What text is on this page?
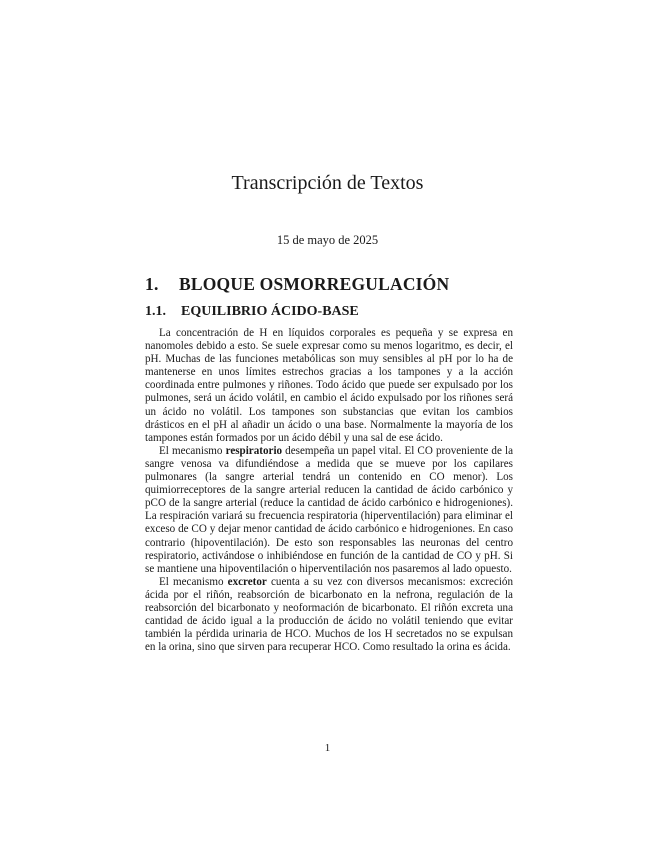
Transcripción de Textos
15 de mayo de 2025
1. BLOQUE OSMORREGULACIÓN
1.1. EQUILIBRIO ÁCIDO-BASE

La concentración de H en líquidos corporales es pequeña y se expresa en nanomoles debido a esto. Se suele expresar como su menos logaritmo, es decir, el pH. Muchas de las funciones metabólicas son muy sensibles al pH por lo ha de mantenerse en unos límites estrechos gracias a los tampones y a la acción coordinada entre pulmones y riñones. Todo ácido que puede ser expulsado por los pulmones, será un ácido volátil, en cambio el ácido expulsado por los riñones será un ácido no volátil. Los tampones son substancias que evitan los cambios drásticos en el pH al añadir un ácido o una base. Normalmente la mayoría de los tampones están formados por un ácido débil y una sal de ese ácido.

El mecanismo respiratorio desempeña un papel vital. El CO proveniente de la sangre venosa va difundiéndose a medida que se mueve por los capilares pulmonares (la sangre arterial tendrá un contenido en CO menor). Los quimiorreceptores de la sangre arterial reducen la cantidad de ácido carbónico y pCO de la sangre arterial (reduce la cantidad de ácido carbónico e hidrogeniones). La respiración variará su frecuencia respiratoria (hiperventilación) para eliminar el exceso de CO y dejar menor cantidad de ácido carbónico e hidrogeniones. En caso contrario (hipoventilación). De esto son responsables las neuronas del centro respiratorio, activándose o inhibiéndose en función de la cantidad de CO y pH. Si se mantiene una hipoventilación o hiperventilación nos pasaremos al lado opuesto.

El mecanismo excretor cuenta a su vez con diversos mecanismos: excreción ácida por el riñón, reabsorción de bicarbonato en la nefrona, regulación de la reabsorción del bicarbonato y neoformación de bicarbonato. El riñón excreta una cantidad de ácido igual a la producción de ácido no volátil teniendo que evitar también la pérdida urinaria de HCO. Muchos de los H secretados no se expulsan en la orina, sino que sirven para recuperar HCO. Como resultado la orina es ácida.

1
